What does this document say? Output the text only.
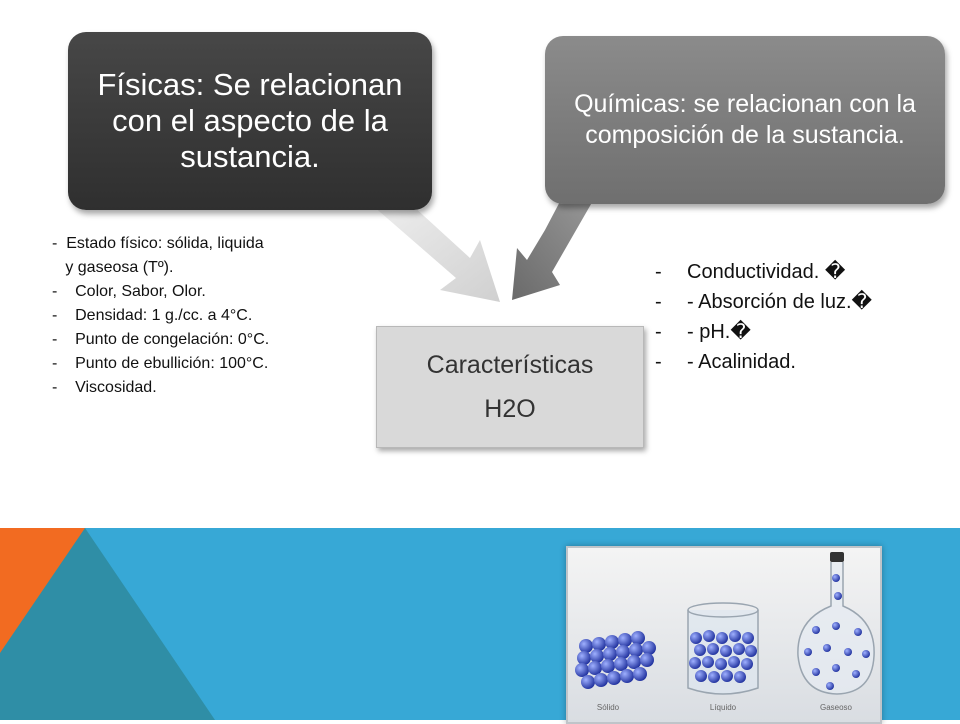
Físicas: Se relacionan con el aspecto de la sustancia.
Químicas: se relacionan con la composición de la sustancia.
Características
H2O
-  Estado físico: sólida, liquida
y gaseosa (Tº).
-    Color, Sabor, Olor.
-    Densidad: 1 g./cc. a 4°C.
-    Punto de congelación: 0°C.
-    Punto de ebullición: 100°C.
-    Viscosidad.
- Conductividad. �
- - Absorción de luz.�
- - pH.�
- - Acalinidad.
Sólido	Líquido	Gaseoso
